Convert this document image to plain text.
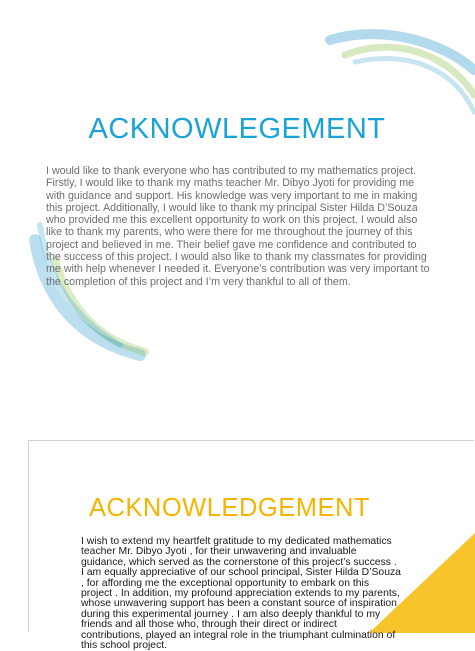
ACKNOWLEGEMENT
I would like to thank everyone who has contributed to my mathematics project. Firstly, I would like to thank my maths teacher Mr. Dibyo Jyoti for providing me with guidance and support. His knowledge was very important to me in making this project. Additionally, I would like to thank my principal Sister Hilda D’Souza who provided me this excellent opportunity to work on this project. I would also like to thank my parents, who were there for me throughout the journey of this project and believed in me. Their belief gave me confidence and contributed to the success of this project. I would also like to thank my classmates for providing me with help whenever I needed it. Everyone’s contribution was very important to the completion of this project and I’m very thankful to all of them.
ACKNOWLEDGEMENT
I wish to extend my heartfelt gratitude to my dedicated mathematics teacher Mr. Dibyo Jyoti , for their unwavering and invaluable guidance, which served as the cornerstone of this project’s success . I am equally appreciative of our school principal, Sister Hilda D’Souza , for affording me the exceptional opportunity to embark on this project . In addition, my profound appreciation extends to my parents, whose unwavering support has been a constant source of inspiration during this experimental journey . I am also deeply thankful to my friends and all those who, through their direct or indirect contributions, played an integral role in the triumphant culmination of this school project.
